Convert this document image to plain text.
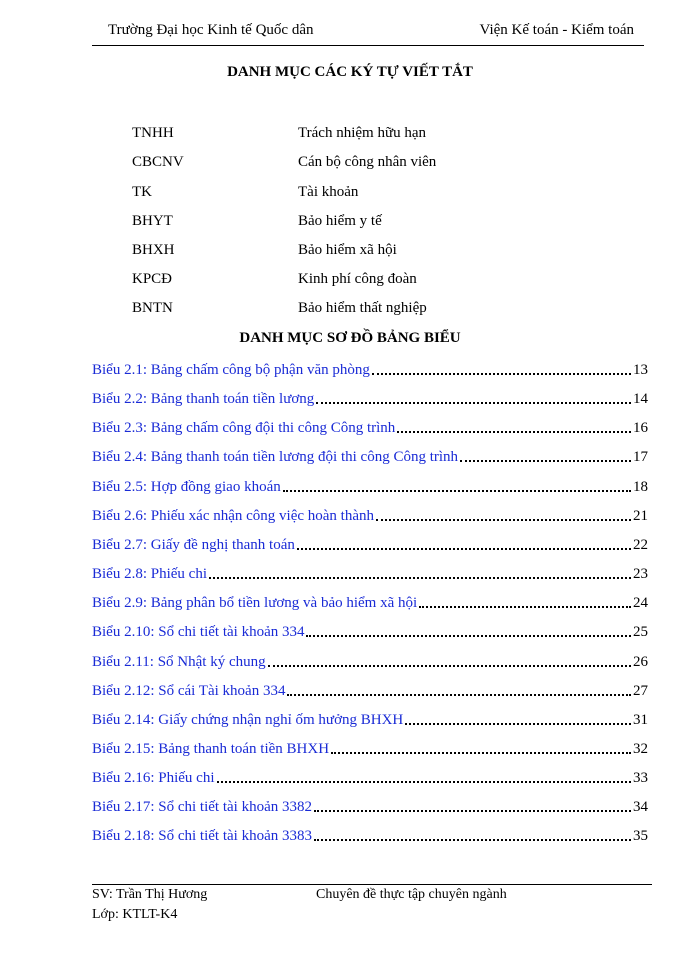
Trường Đại học Kinh tế Quốc dân	Viện Kế toán - Kiểm toán
DANH MỤC CÁC KÝ TỰ VIẾT TẮT
TNHH	Trách nhiệm hữu hạn
CBCNV	Cán bộ công nhân viên
TK	Tài khoản
BHYT	Bảo hiểm y tế
BHXH	Bảo hiểm xã hội
KPCĐ	Kinh phí công đoàn
BNTN	Bảo hiểm thất nghiệp
DANH MỤC SƠ ĐỒ BẢNG BIỂU
Biểu 2.1: Bảng chấm công bộ phận văn phòng	13
Biểu 2.2: Bảng thanh toán tiền lương	14
Biểu 2.3: Bảng chấm công đội thi công Công trình	16
Biểu 2.4: Bảng thanh toán tiền lương đội thi công Công trình	17
Biểu 2.5: Hợp đồng giao khoán	18
Biểu 2.6: Phiếu xác nhận công việc hoàn thành	21
Biểu 2.7: Giấy đề nghị thanh toán	22
Biểu 2.8: Phiếu chi	23
Biểu 2.9: Bảng phân bổ tiền lương và bảo hiểm xã hội	24
Biểu 2.10: Sổ chi tiết tài khoản 334	25
Biểu 2.11: Sổ Nhật ký chung	26
Biểu 2.12: Sổ cái Tài khoản 334	27
Biểu 2.14: Giấy chứng nhận nghỉ ốm hưởng BHXH	31
Biểu 2.15: Bảng thanh toán tiền BHXH	32
Biểu 2.16: Phiếu chi	33
Biểu 2.17: Sổ chi tiết tài khoản 3382	34
Biểu 2.18: Sổ chi tiết tài khoản 3383	35
SV: Trần Thị Hương
Lớp: KTLT-K4
Chuyên đề thực tập chuyên ngành
